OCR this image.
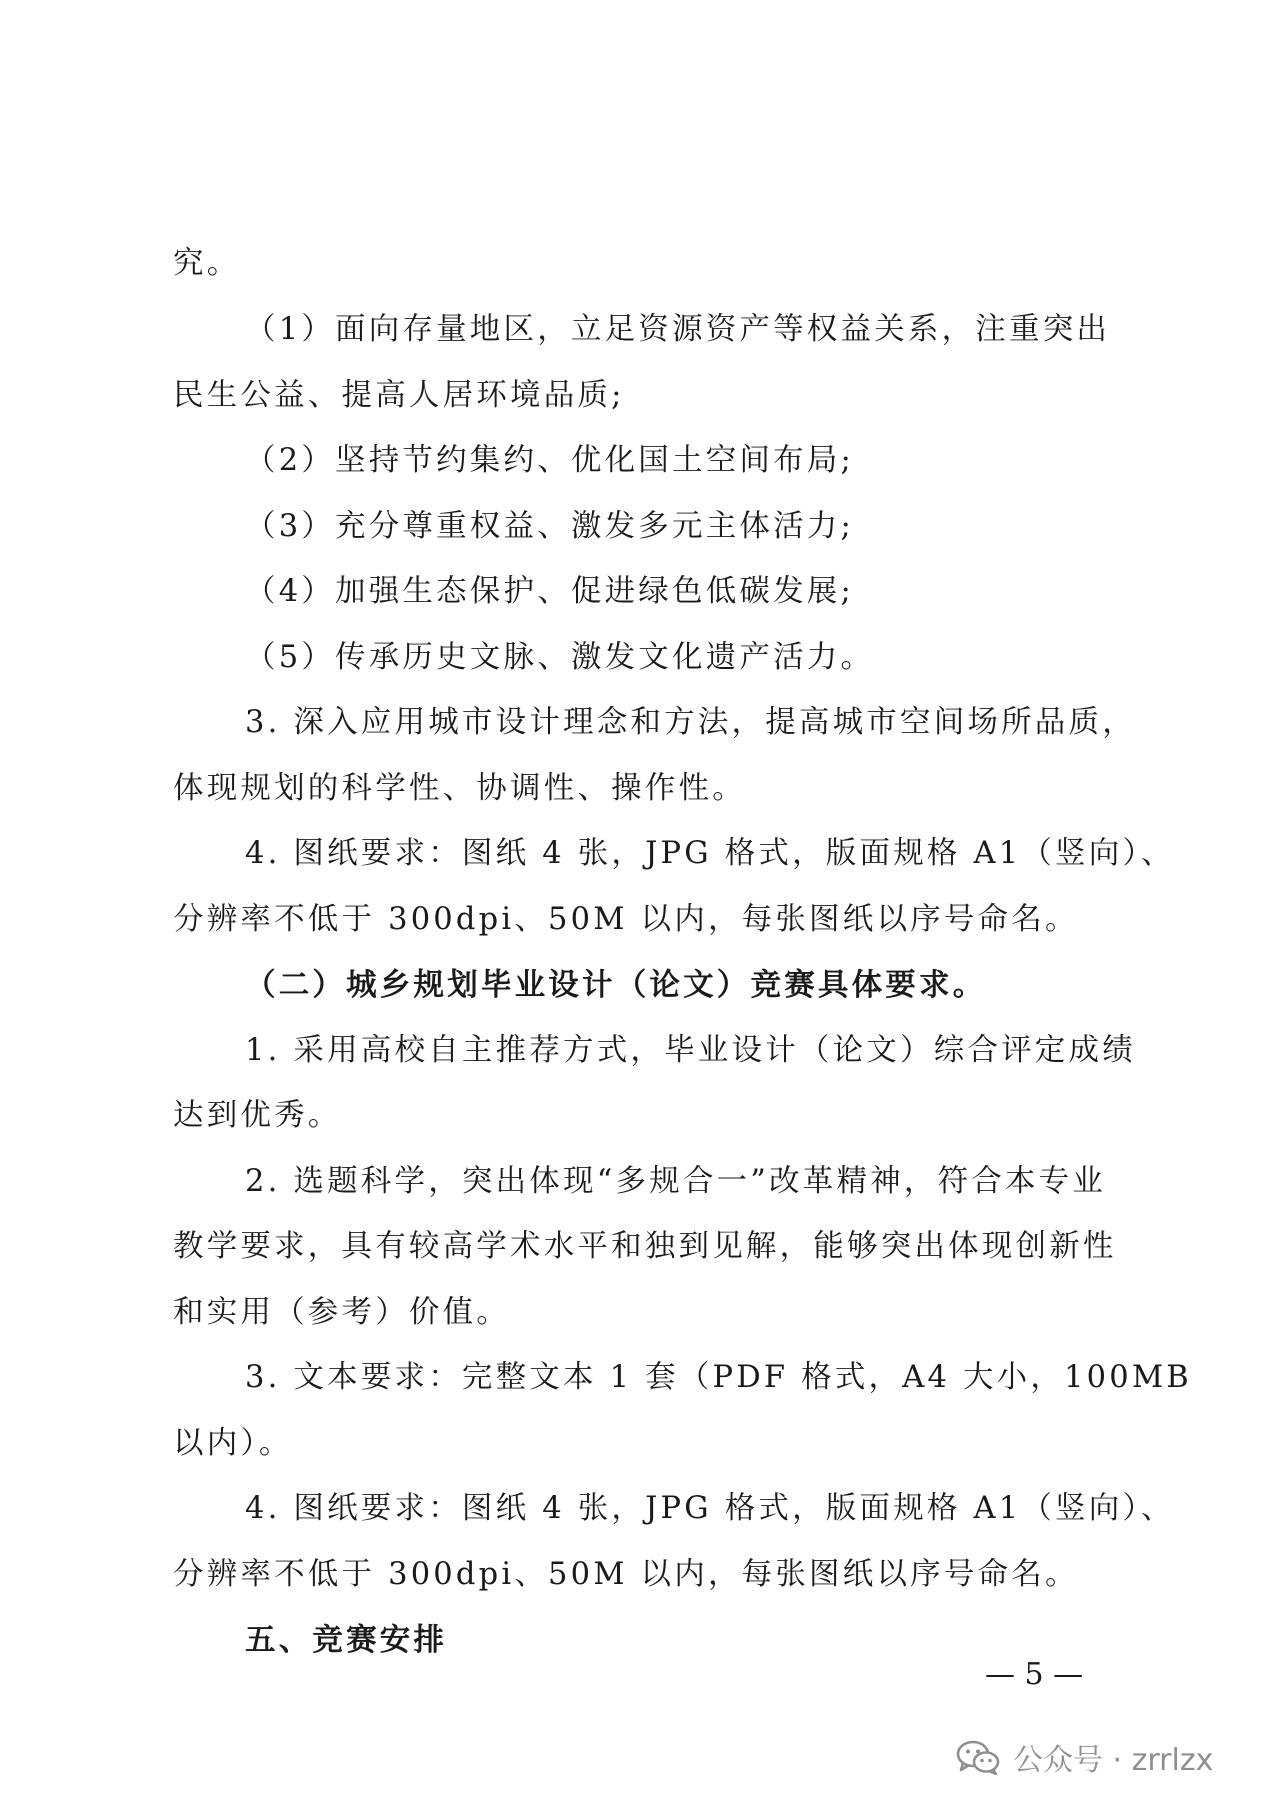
究。
（1）面向存量地区，立足资源资产等权益关系，注重突出
民生公益、提高人居环境品质;
（2）坚持节约集约、优化国土空间布局;
（3）充分尊重权益、激发多元主体活力;
（4）加强生态保护、促进绿色低碳发展;
（5）传承历史文脉、激发文化遗产活力。
3. 深入应用城市设计理念和方法，提高城市空间场所品质，
体现规划的科学性、协调性、操作性。
4. 图纸要求：图纸 4 张，JPG 格式，版面规格 A1（竖向）、
分辨率不低于 300dpi、50M 以内，每张图纸以序号命名。
（二）城乡规划毕业设计（论文）竞赛具体要求。
1. 采用高校自主推荐方式，毕业设计（论文）综合评定成绩
达到优秀。
2. 选题科学，突出体现“多规合一”改革精神，符合本专业
教学要求，具有较高学术水平和独到见解，能够突出体现创新性
和实用（参考）价值。
3. 文本要求：完整文本 1 套（PDF 格式，A4 大小，100MB
以内）。
4. 图纸要求：图纸 4 张，JPG 格式，版面规格 A1（竖向）、
分辨率不低于 300dpi、50M 以内，每张图纸以序号命名。
五、竞赛安排
— 5 —
公众号 · zrrlzx
